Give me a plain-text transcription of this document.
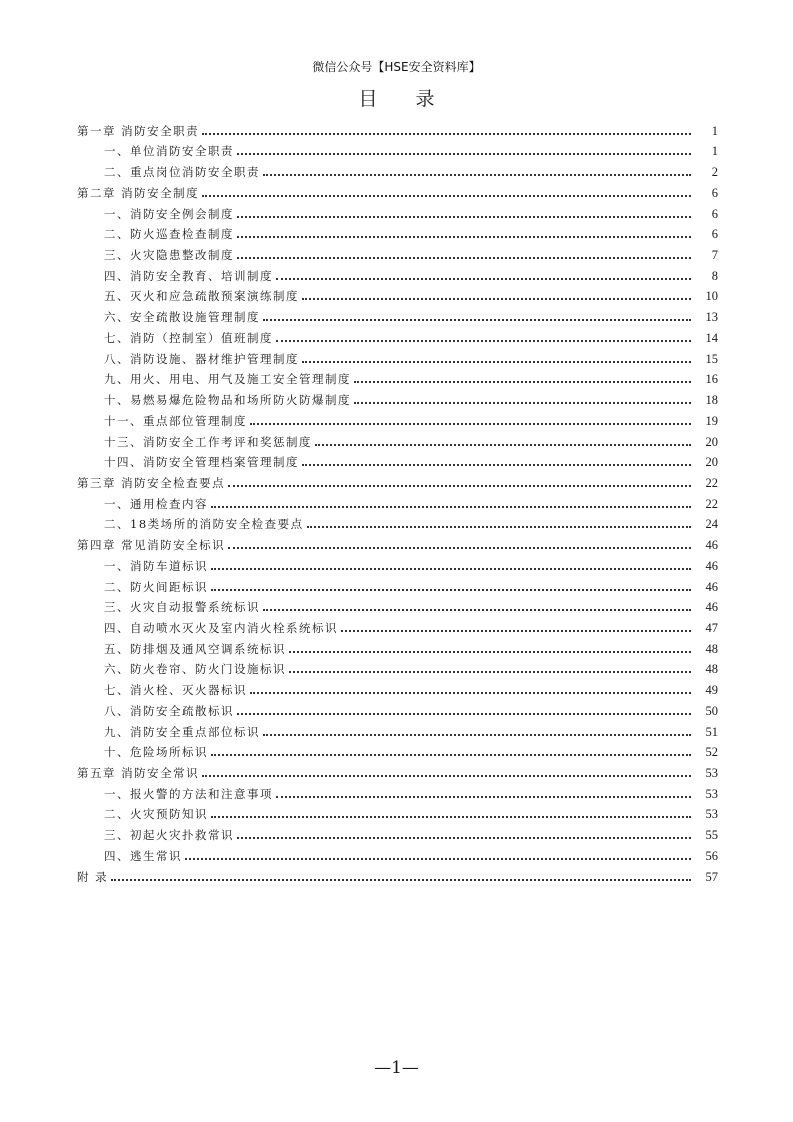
微信公众号【HSE安全资料库】
目 录
第一章 消防安全职责	1
一、单位消防安全职责	1
二、重点岗位消防安全职责	2
第二章 消防安全制度	6
一、消防安全例会制度	6
二、防火巡查检查制度	6
三、火灾隐患整改制度	7
四、消防安全教育、培训制度	8
五、灭火和应急疏散预案演练制度	10
六、安全疏散设施管理制度	13
七、消防（控制室）值班制度	14
八、消防设施、器材维护管理制度	15
九、用火、用电、用气及施工安全管理制度	16
十、易燃易爆危险物品和场所防火防爆制度	18
十一、重点部位管理制度	19
十三、消防安全工作考评和奖惩制度	20
十四、消防安全管理档案管理制度	20
第三章 消防安全检查要点	22
一、通用检查内容	22
二、18类场所的消防安全检查要点	24
第四章 常见消防安全标识	46
一、消防车道标识	46
二、防火间距标识	46
三、火灾自动报警系统标识	46
四、自动喷水灭火及室内消火栓系统标识	47
五、防排烟及通风空调系统标识	48
六、防火卷帘、防火门设施标识	48
七、消火栓、灭火器标识	49
八、消防安全疏散标识	50
九、消防安全重点部位标识	51
十、危险场所标识	52
第五章 消防安全常识	53
一、报火警的方法和注意事项	53
二、火灾预防知识	53
三、初起火灾扑救常识	55
四、逃生常识	56
附 录	57
—1—
